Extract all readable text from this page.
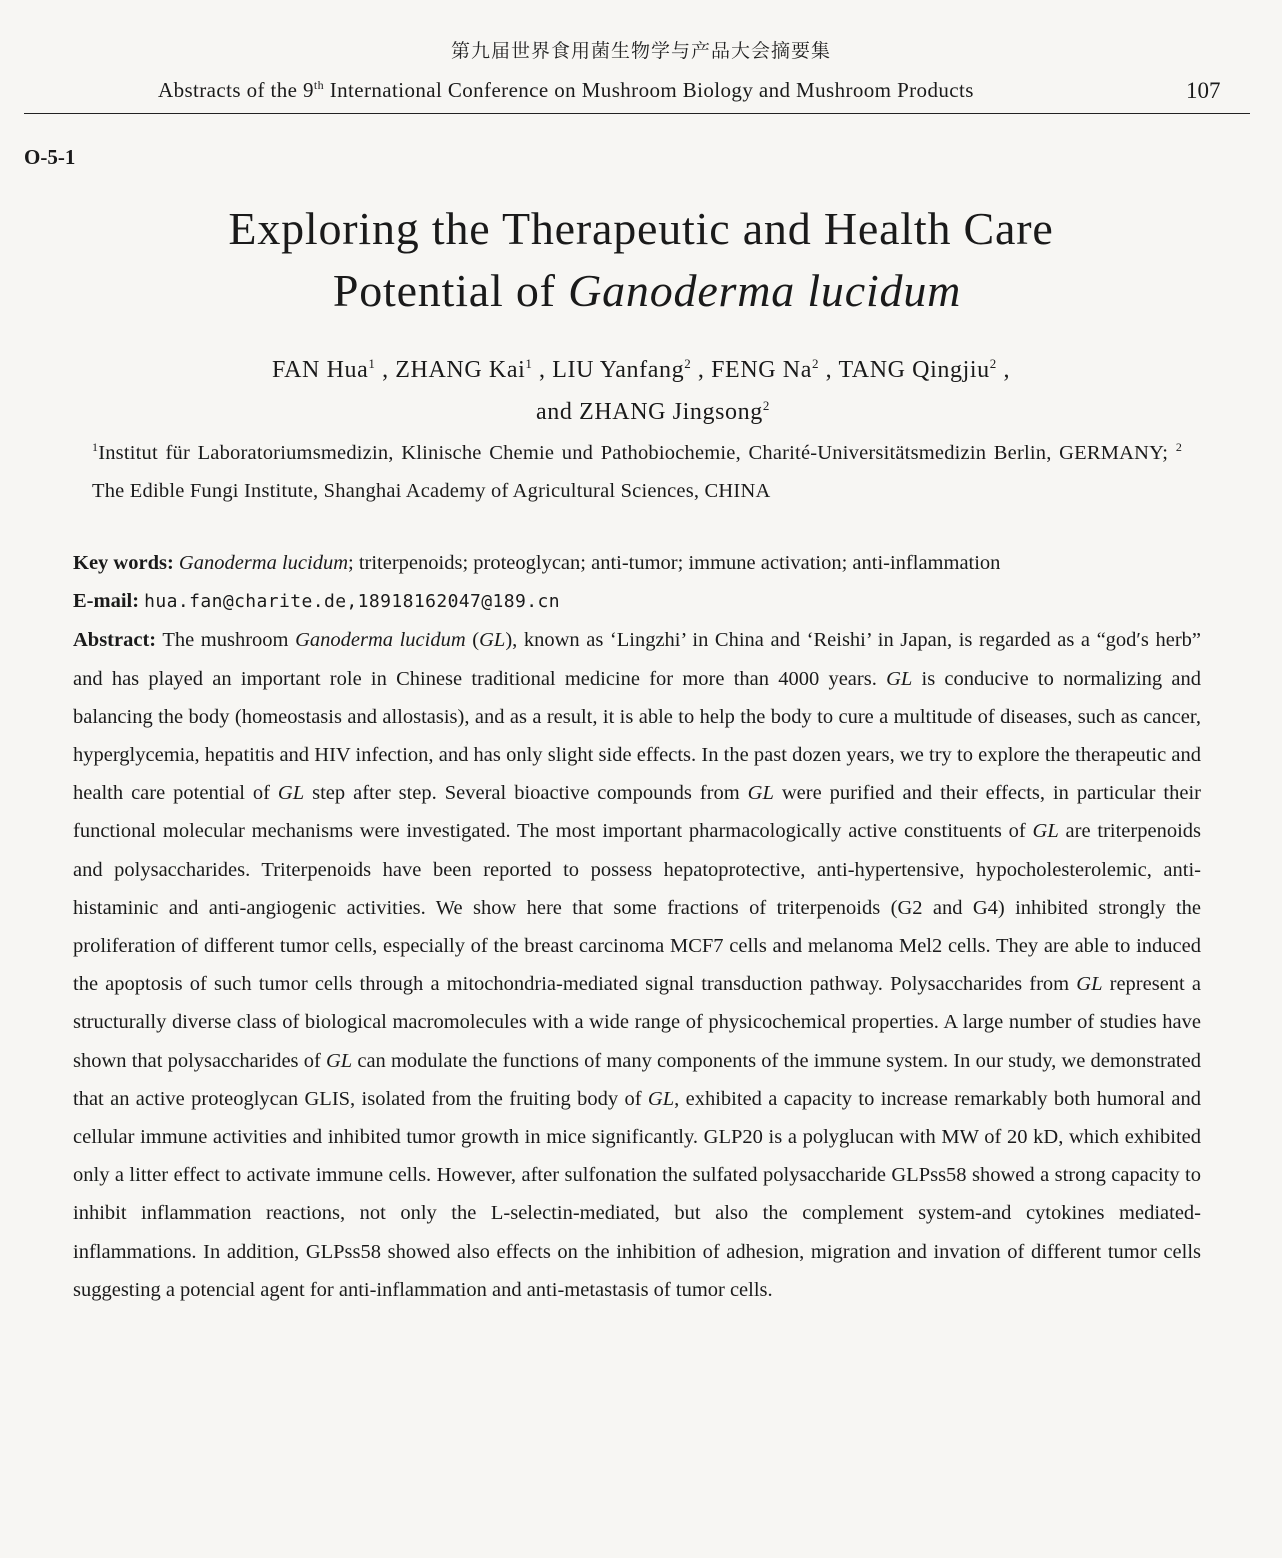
第九届世界食用菌生物学与产品大会摘要集
Abstracts of the 9th International Conference on Mushroom Biology and Mushroom Products	107
O-5-1
Exploring the Therapeutic and Health Care
Potential of Ganoderma lucidum
FAN Hua$^1$ , ZHANG Kai$^1$ , LIU Yanfang$^2$ , FENG Na$^2$ , TANG Qingjiu$^2$ ,
and ZHANG Jingsong$^2$
$^1$Institut für Laboratoriumsmedizin, Klinische Chemie und Pathobiochemie, Charité-Universitätsmedizin Berlin, GERMANY; $^2$ The Edible Fungi Institute, Shanghai Academy of Agricultural Sciences, CHINA

Key words: Ganoderma lucidum; triterpenoids; proteoglycan; anti-tumor; immune activation; anti-inflammation

E-mail: hua.fan@charite.de,18918162047@189.cn

Abstract: The mushroom Ganoderma lucidum (GL), known as ‘Lingzhi’ in China and ‘Reishi’ in Japan, is regarded as a “god′s herb” and has played an important role in Chinese traditional medicine for more than 4000 years. GL is conducive to normalizing and balancing the body (homeostasis and allostasis), and as a result, it is able to help the body to cure a multitude of diseases, such as cancer, hyperglycemia, hepatitis and HIV infection, and has only slight side effects. In the past dozen years, we try to explore the therapeutic and health care potential of GL step after step. Several bioactive compounds from GL were purified and their effects, in particular their functional molecular mechanisms were investigated. The most important pharmacologically active constituents of GL are triterpenoids and polysaccharides. Triterpenoids have been reported to possess hepatoprotective, anti-hypertensive, hypocholesterolemic, anti-histaminic and anti-angiogenic activities. We show here that some fractions of triterpenoids (G2 and G4) inhibited strongly the proliferation of different tumor cells, especially of the breast carcinoma MCF7 cells and melanoma Mel2 cells. They are able to induced the apoptosis of such tumor cells through a mitochondria-mediated signal transduction pathway. Polysaccharides from GL represent a structurally diverse class of biological macromolecules with a wide range of physicochemical properties. A large number of studies have shown that polysaccharides of GL can modulate the functions of many components of the immune system. In our study, we demonstrated that an active proteoglycan GLIS, isolated from the fruiting body of GL, exhibited a capacity to increase remarkably both humoral and cellular immune activities and inhibited tumor growth in mice significantly. GLP20 is a polyglucan with MW of 20 kD, which exhibited only a litter effect to activate immune cells. However, after sulfonation the sulfated polysaccharide GLPss58 showed a strong capacity to inhibit inflammation reactions, not only the L-selectin-mediated, but also the complement system-and cytokines mediated-inflammations. In addition, GLPss58 showed also effects on the inhibition of adhesion, migration and invation of different tumor cells suggesting a potencial agent for anti-inflammation and anti-metastasis of tumor cells.
